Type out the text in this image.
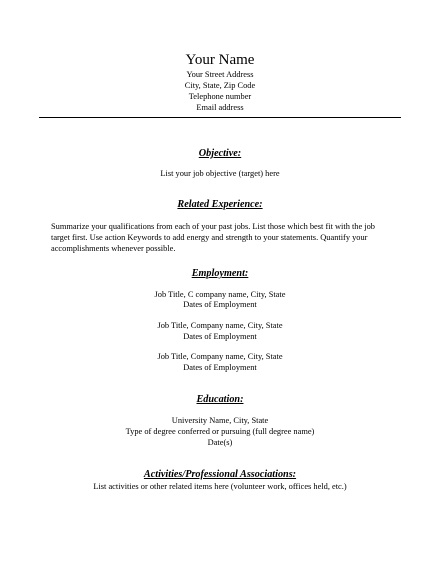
Your Name
Your Street Address
City, State, Zip Code
Telephone number
Email address
Objective:
List your job objective (target) here
Related Experience:
Summarize your qualifications from each of your past jobs. List those which best fit with the job
target first. Use action Keywords to add energy and strength to your statements. Quantify your
accomplishments whenever possible.
Employment:
Job Title, C company name, City, State
Dates of Employment
Job Title, Company name, City, State
Dates of Employment
Job Title, Company name, City, State
Dates of Employment
Education:
University Name, City, State
Type of degree conferred or pursuing (full degree name)
Date(s)
Activities/Professional Associations:
List activities or other related items here (volunteer work, offices held, etc.)
